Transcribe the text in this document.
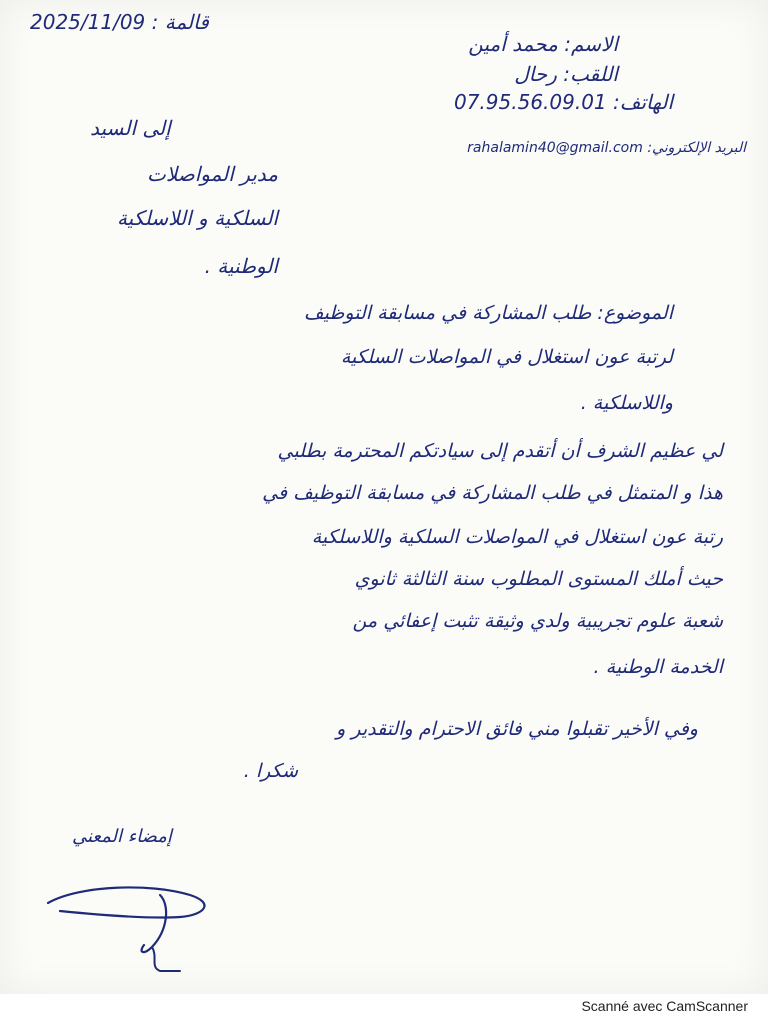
2025/11/09 : قالمة
الاسم: محمد أمين
اللقب: رحال
الهاتف: 07.95.56.09.01
البريد الإلكتروني: rahalamin40@gmail.com
إلى السيد
مدير المواصلات
السلكية و اللاسلكية
الوطنية .
الموضوع: طلب المشاركة في مسابقة التوظيف
لرتبة عون استغلال في المواصلات السلكية
واللاسلكية .
لي عظيم الشرف أن أتقدم إلى سيادتكم المحترمة بطلبي
هذا و المتمثل في طلب المشاركة في مسابقة التوظيف في
رتبة عون استغلال في المواصلات السلكية واللاسلكية
حيث أملك المستوى المطلوب سنة الثالثة ثانوي
شعبة علوم تجريبية ولدي وثيقة تثبت إعفائي من
الخدمة الوطنية .
وفي الأخير تقبلوا مني فائق الاحترام والتقدير و
شكرا .
إمضاء المعني
Scanné avec CamScanner
